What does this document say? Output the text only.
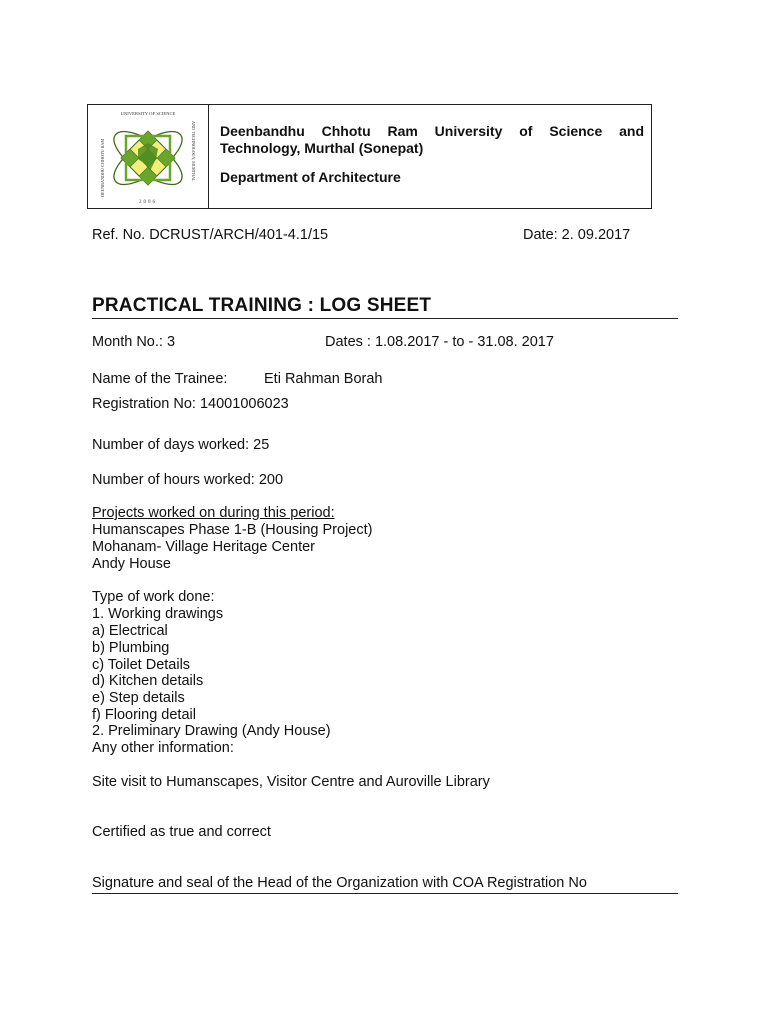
UNIVERSITY OF SCIENCE
2006
DEENBANDHU CHHOTU RAM	AND TECHNOLOGY, MURTHAL Deenbandhu Chhotu Ram University of Science and Technology, Murthal (Sonepat)
Department of Architecture
Ref. No. DCRUST/ARCH/401-4.1/15	Date: 2. 09.2017
PRACTICAL TRAINING : LOG SHEET
Month No.: 3	Dates : 1.08.2017 - to - 31.08. 2017
Name of the Trainee:	Eti Rahman Borah
Registration No: 14001006023
Number of days worked: 25
Number of hours worked: 200
Projects worked on during this period:
Humanscapes Phase 1-B (Housing Project)
Mohanam- Village Heritage Center
Andy House
Type of work done:
1. Working drawings
a) Electrical
b) Plumbing
c) Toilet Details
d) Kitchen details
e) Step details
f) Flooring detail
2. Preliminary Drawing (Andy House)
Any other information:
Site visit to Humanscapes, Visitor Centre and Auroville Library
Certified as true and correct
Signature and seal of the Head of the Organization with COA Registration No
